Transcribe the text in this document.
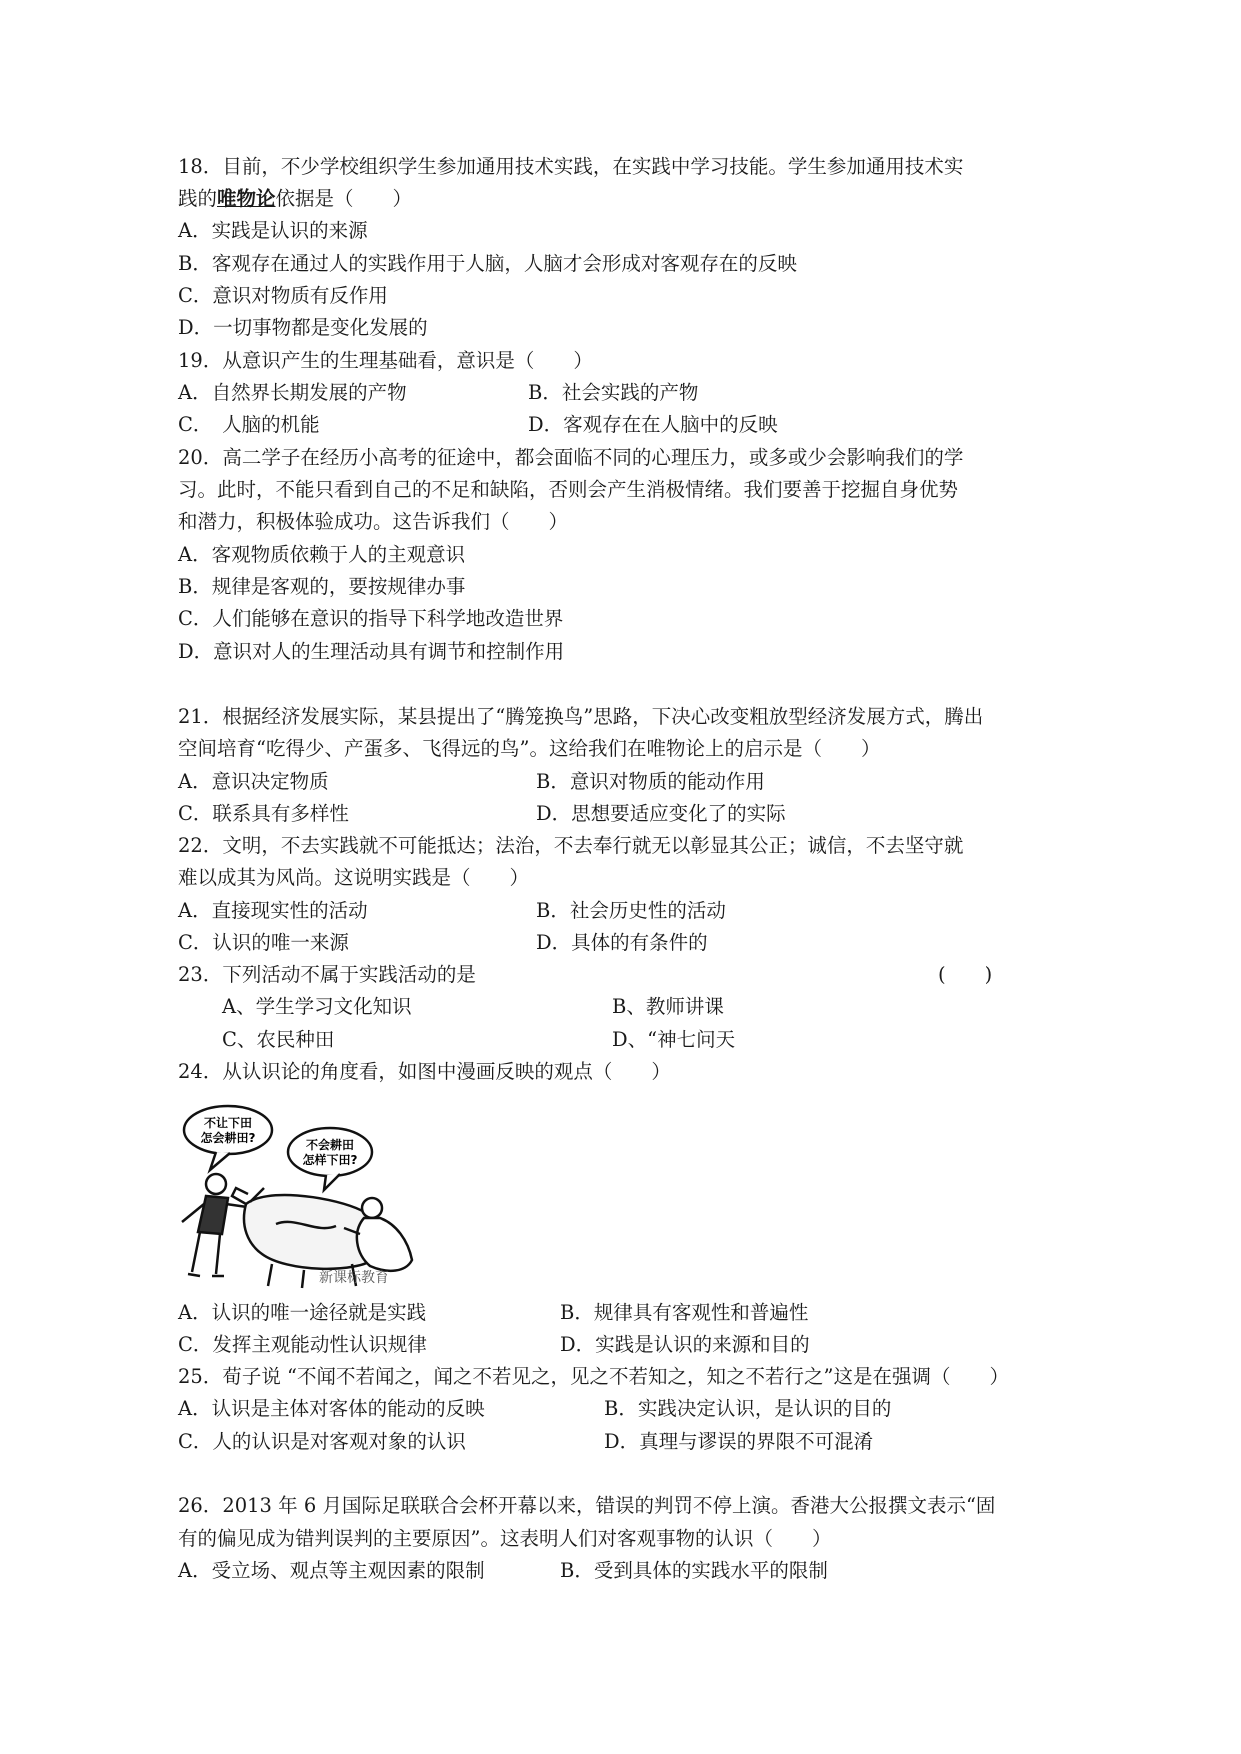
18．目前，不少学校组织学生参加通用技术实践，在实践中学习技能。学生参加通用技术实
践的唯物论依据是（　　）
A．实践是认识的来源
B．客观存在通过人的实践作用于人脑，人脑才会形成对客观存在的反映
C．意识对物质有反作用
D．一切事物都是变化发展的
19．从意识产生的生理基础看，意识是（　　）
A．自然界长期发展的产物	B．社会实践的产物
C．　人脑的机能	D．客观存在在人脑中的反映
20．高二学子在经历小高考的征途中，都会面临不同的心理压力，或多或少会影响我们的学
习。此时，不能只看到自己的不足和缺陷，否则会产生消极情绪。我们要善于挖掘自身优势
和潜力，积极体验成功。这告诉我们（　　）
A．客观物质依赖于人的主观意识
B．规律是客观的，要按规律办事
C．人们能够在意识的指导下科学地改造世界
D．意识对人的生理活动具有调节和控制作用
21．根据经济发展实际，某县提出了“腾笼换鸟”思路，下决心改变粗放型经济发展方式，腾出
空间培育“吃得少、产蛋多、飞得远的鸟”。这给我们在唯物论上的启示是（　　）
A．意识决定物质	B．意识对物质的能动作用
C．联系具有多样性	D．思想要适应变化了的实际
22．文明，不去实践就不可能抵达；法治，不去奉行就无以彰显其公正；诚信，不去坚守就
难以成其为风尚。这说明实践是（　　）
A．直接现实性的活动	B．社会历史性的活动
C．认识的唯一来源	D．具体的有条件的
23．下列活动不属于实践活动的是	(　　)
A、学生学习文化知识	B、教师讲课
C、农民种田	D、“神七问天
24．从认识论的角度看，如图中漫画反映的观点（　　）
不让下田
怎会耕田?	不会耕田
怎样下田?
新课标教育
A．认识的唯一途径就是实践	B．规律具有客观性和普遍性
C．发挥主观能动性认识规律	D．实践是认识的来源和目的
25．荀子说 “不闻不若闻之，闻之不若见之，见之不若知之，知之不若行之”这是在强调（　　）
A．认识是主体对客体的能动的反映	B．实践决定认识，是认识的目的
C．人的认识是对客观对象的认识	D．真理与谬误的界限不可混淆
26．2013 年 6 月国际足联联合会杯开幕以来，错误的判罚不停上演。香港大公报撰文表示“固
有的偏见成为错判误判的主要原因”。这表明人们对客观事物的认识（　　）
A．受立场、观点等主观因素的限制	B．受到具体的实践水平的限制
